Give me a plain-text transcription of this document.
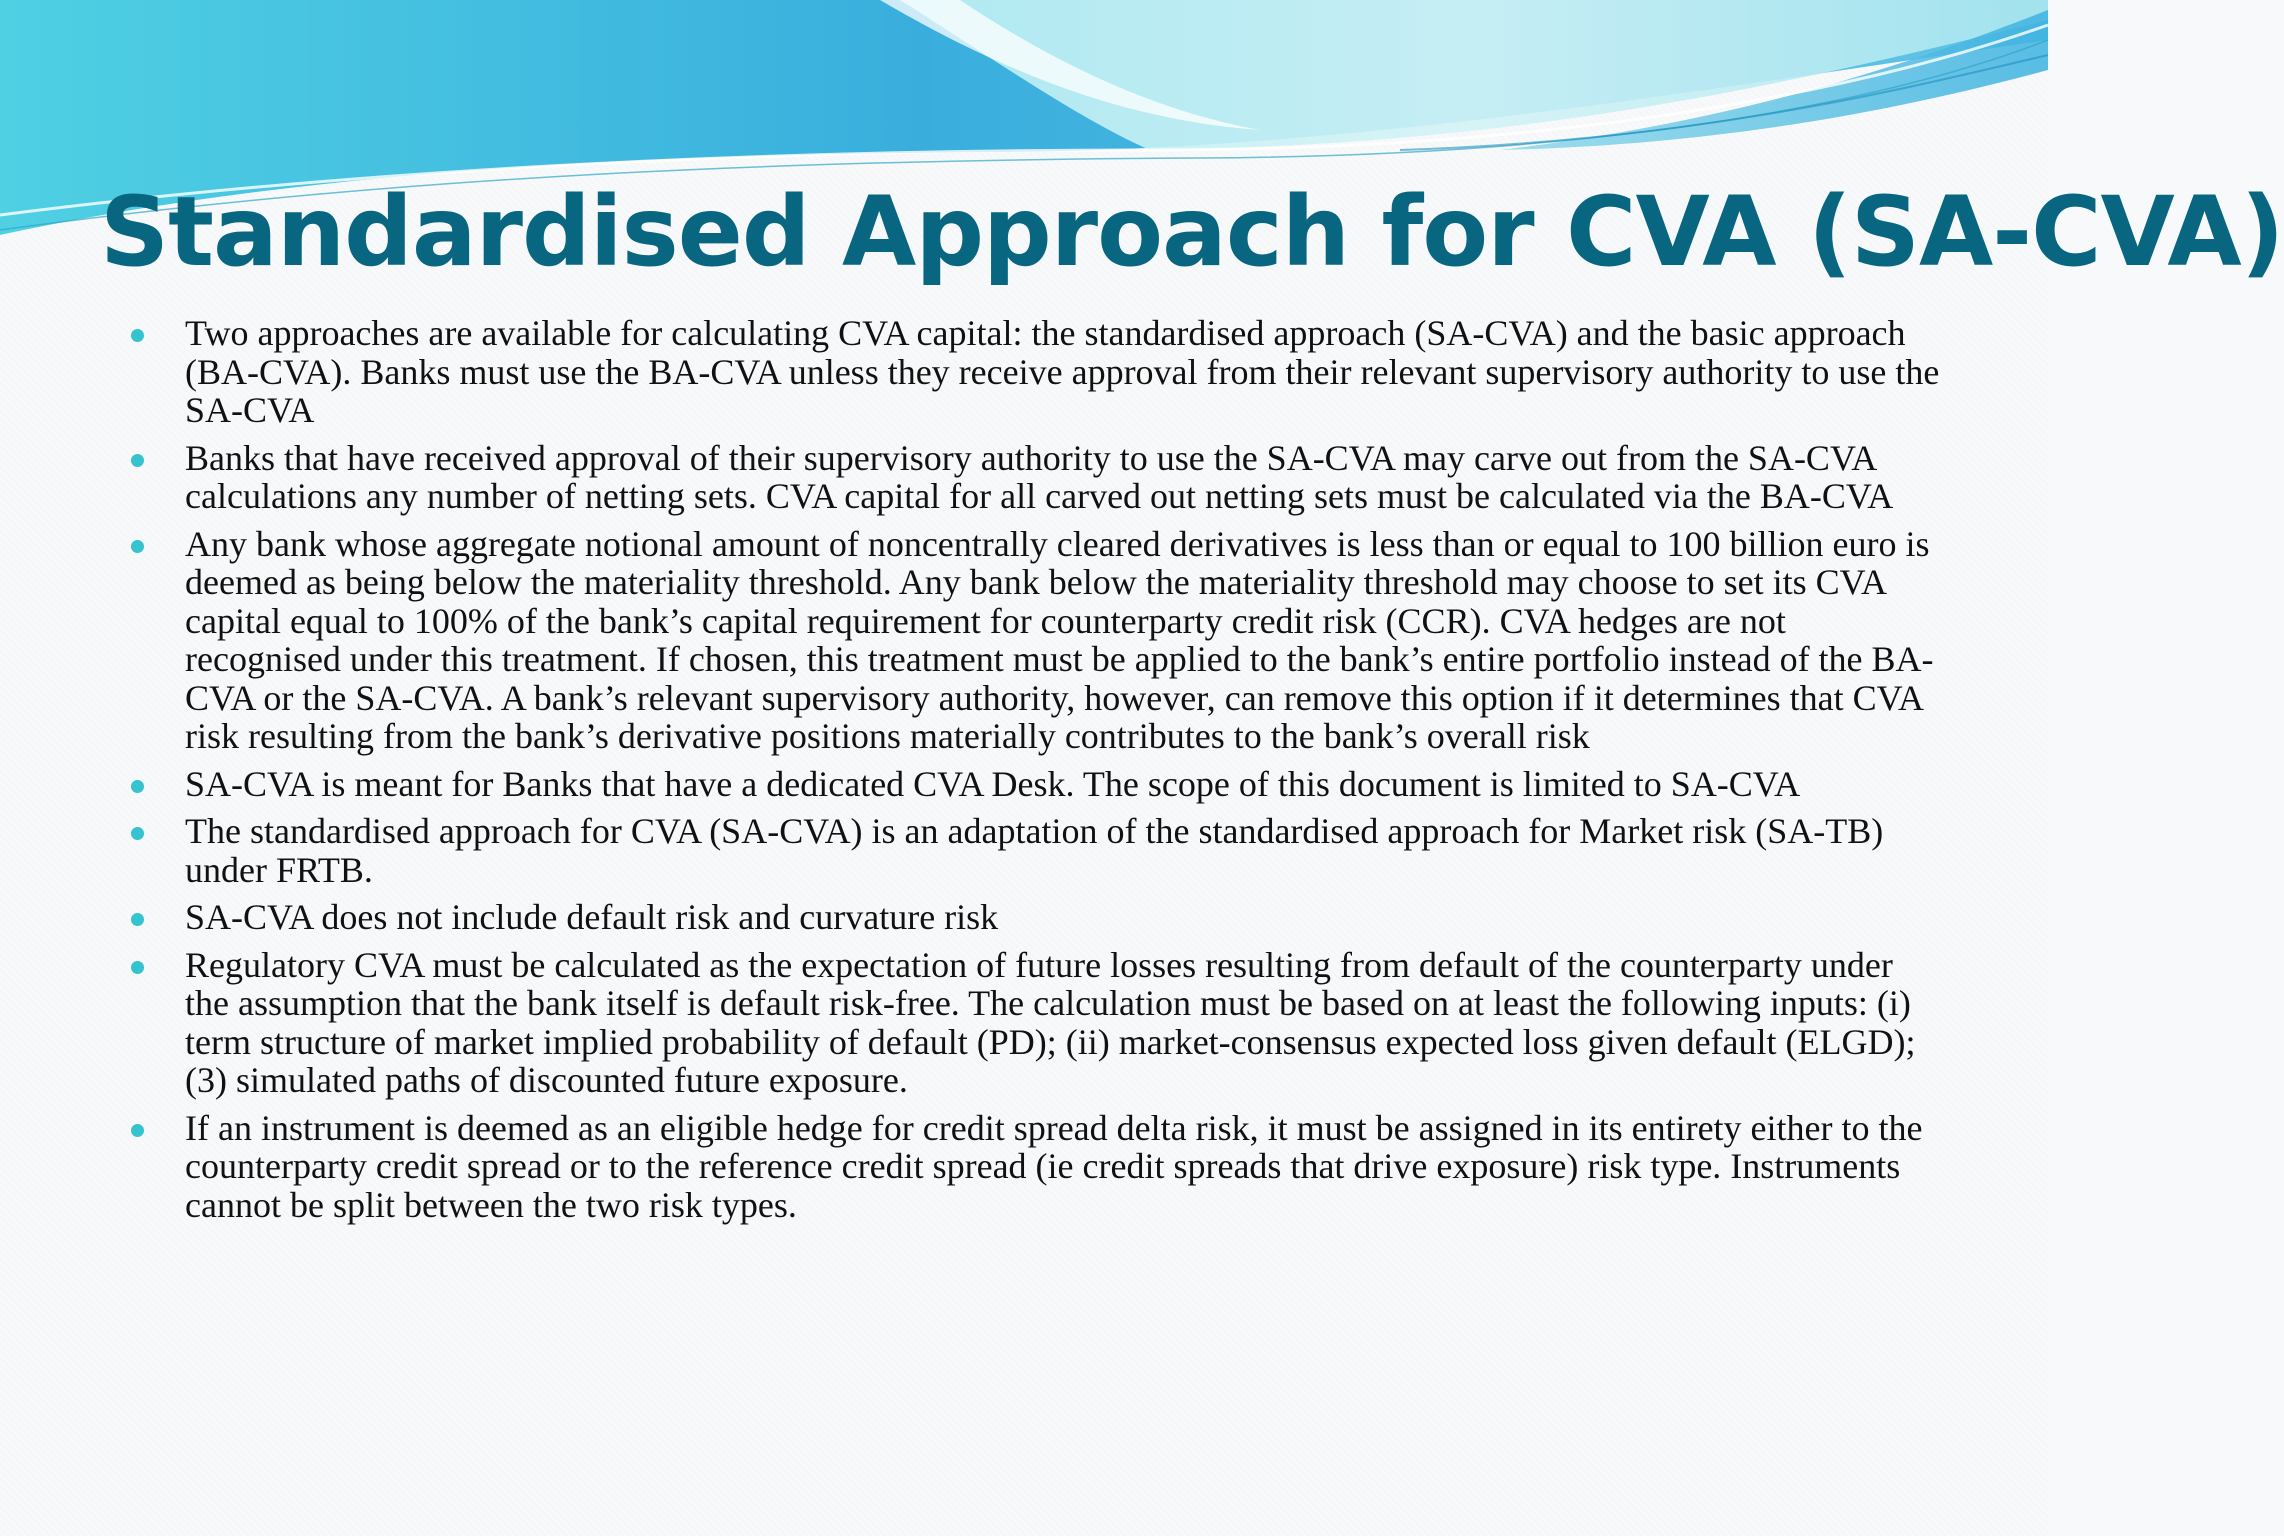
Standardised Approach for CVA (SA-CVA)
Two approaches are available for calculating CVA capital: the standardised approach (SA-CVA) and the basic approach (BA-CVA). Banks must use the BA-CVA unless they receive approval from their relevant supervisory authority to use the SA-CVA
Banks that have received approval of their supervisory authority to use the SA-CVA may carve out from the SA-CVA calculations any number of netting sets. CVA capital for all carved out netting sets must be calculated via the BA-CVA
Any bank whose aggregate notional amount of noncentrally cleared derivatives is less than or equal to 100 billion euro is deemed as being below the materiality threshold. Any bank below the materiality threshold may choose to set its CVA capital equal to 100% of the bank’s capital requirement for counterparty credit risk (CCR). CVA hedges are not recognised under this treatment. If chosen, this treatment must be applied to the bank’s entire portfolio instead of the BA-CVA or the SA-CVA. A bank’s relevant supervisory authority, however, can remove this option if it determines that CVA risk resulting from the bank’s derivative positions materially contributes to the bank’s overall risk
SA-CVA is meant for Banks that have a dedicated CVA Desk. The scope of this document is limited to SA-CVA
The standardised approach for CVA (SA-CVA) is an adaptation of the standardised approach for Market risk (SA-TB) under FRTB.
SA-CVA does not include default risk and curvature risk
Regulatory CVA must be calculated as the expectation of future losses resulting from default of the counterparty under the assumption that the bank itself is default risk-free. The calculation must be based on at least the following inputs: (i) term structure of market implied probability of default (PD); (ii) market-consensus expected loss given default (ELGD); (3) simulated paths of discounted future exposure.
If an instrument is deemed as an eligible hedge for credit spread delta risk, it must be assigned in its entirety either to the counterparty credit spread or to the reference credit spread (ie credit spreads that drive exposure) risk type. Instruments cannot be split between the two risk types.
